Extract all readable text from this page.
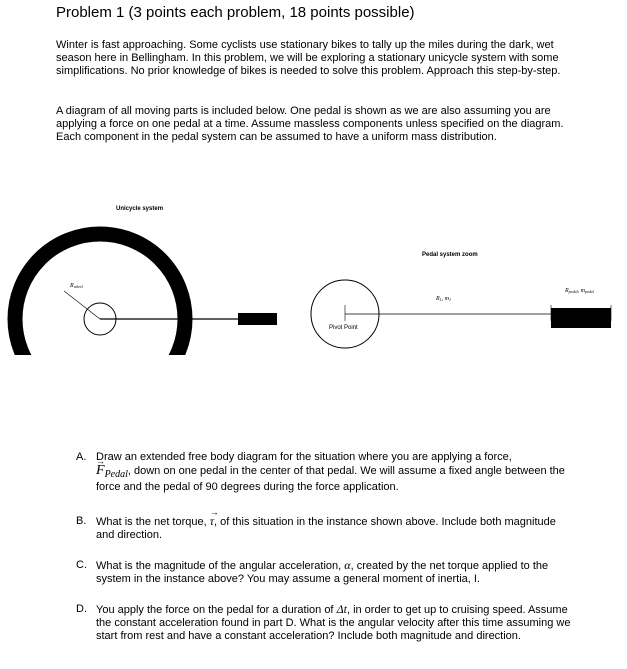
Problem 1 (3 points each problem, 18 points possible)
Winter is fast approaching. Some cyclists use stationary bikes to tally up the miles during the dark, wet season here in Bellingham. In this problem, we will be exploring a stationary unicycle system with some simplifications. No prior knowledge of bikes is needed to solve this problem. Approach this step-by-step.
A diagram of all moving parts is included below. One pedal is shown as we are also assuming you are applying a force on one pedal at a time. Assume massless components unless specified on the diagram. Each component in the pedal system can be assumed to have a uniform mass distribution.
Unicycle system
Rwheel
Pedal system zoom
R1, m1
Rpedal, mpedal
Pivot Point
A. Draw an extended free body diagram for the situation where you are applying a force,
→ FPedal, down on one pedal in the center of that pedal. We will assume a fixed angle between the force and the pedal of 90 degrees during the force application.
B. What is the net torque, → τ, of this situation in the instance shown above. Include both magnitude and direction.
C. What is the magnitude of the angular acceleration, α, created by the net torque applied to the system in the instance above? You may assume a general moment of inertia, I.
D. You apply the force on the pedal for a duration of Δt, in order to get up to cruising speed. Assume the constant acceleration found in part D. What is the angular velocity after this time assuming we start from rest and have a constant acceleration? Include both magnitude and direction.
